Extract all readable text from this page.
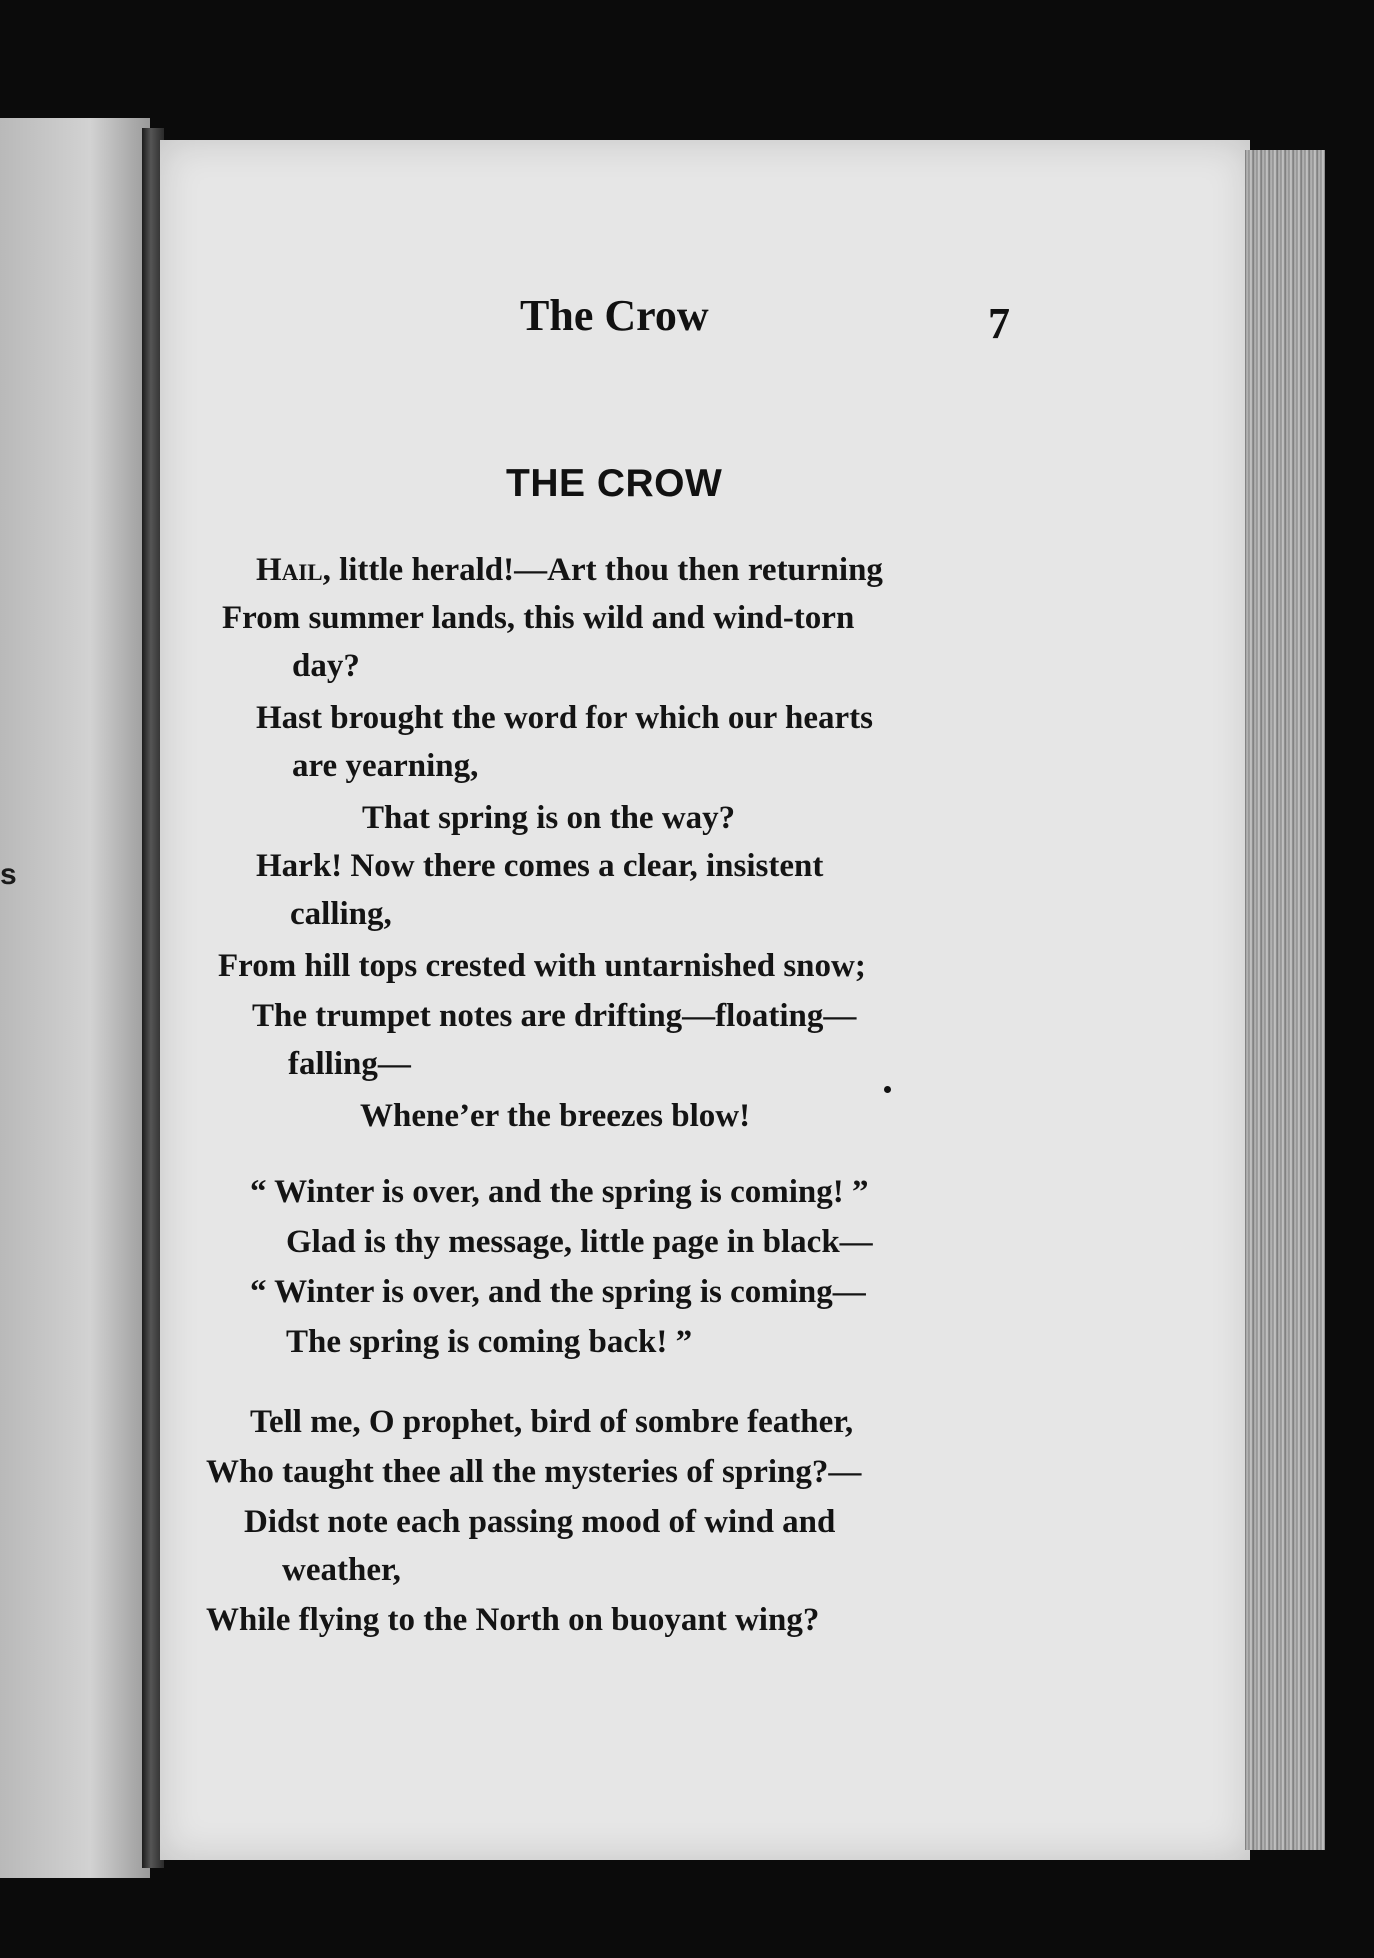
s
The Crow	7
THE CROW
Hail, little herald!—Art thou then returning
From summer lands, this wild and wind-torn
day?
Hast brought the word for which our hearts
are yearning,
That spring is on the way?
Hark! Now there comes a clear, insistent
calling,
From hill tops crested with untarnished snow;
The trumpet notes are drifting—floating—
falling—
Whene’er the breezes blow!
“ Winter is over, and the spring is coming! ”
Glad is thy message, little page in black—
“ Winter is over, and the spring is coming—
The spring is coming back! ”
Tell me, O prophet, bird of sombre feather,
Who taught thee all the mysteries of spring?—
Didst note each passing mood of wind and
weather,
While flying to the North on buoyant wing?
